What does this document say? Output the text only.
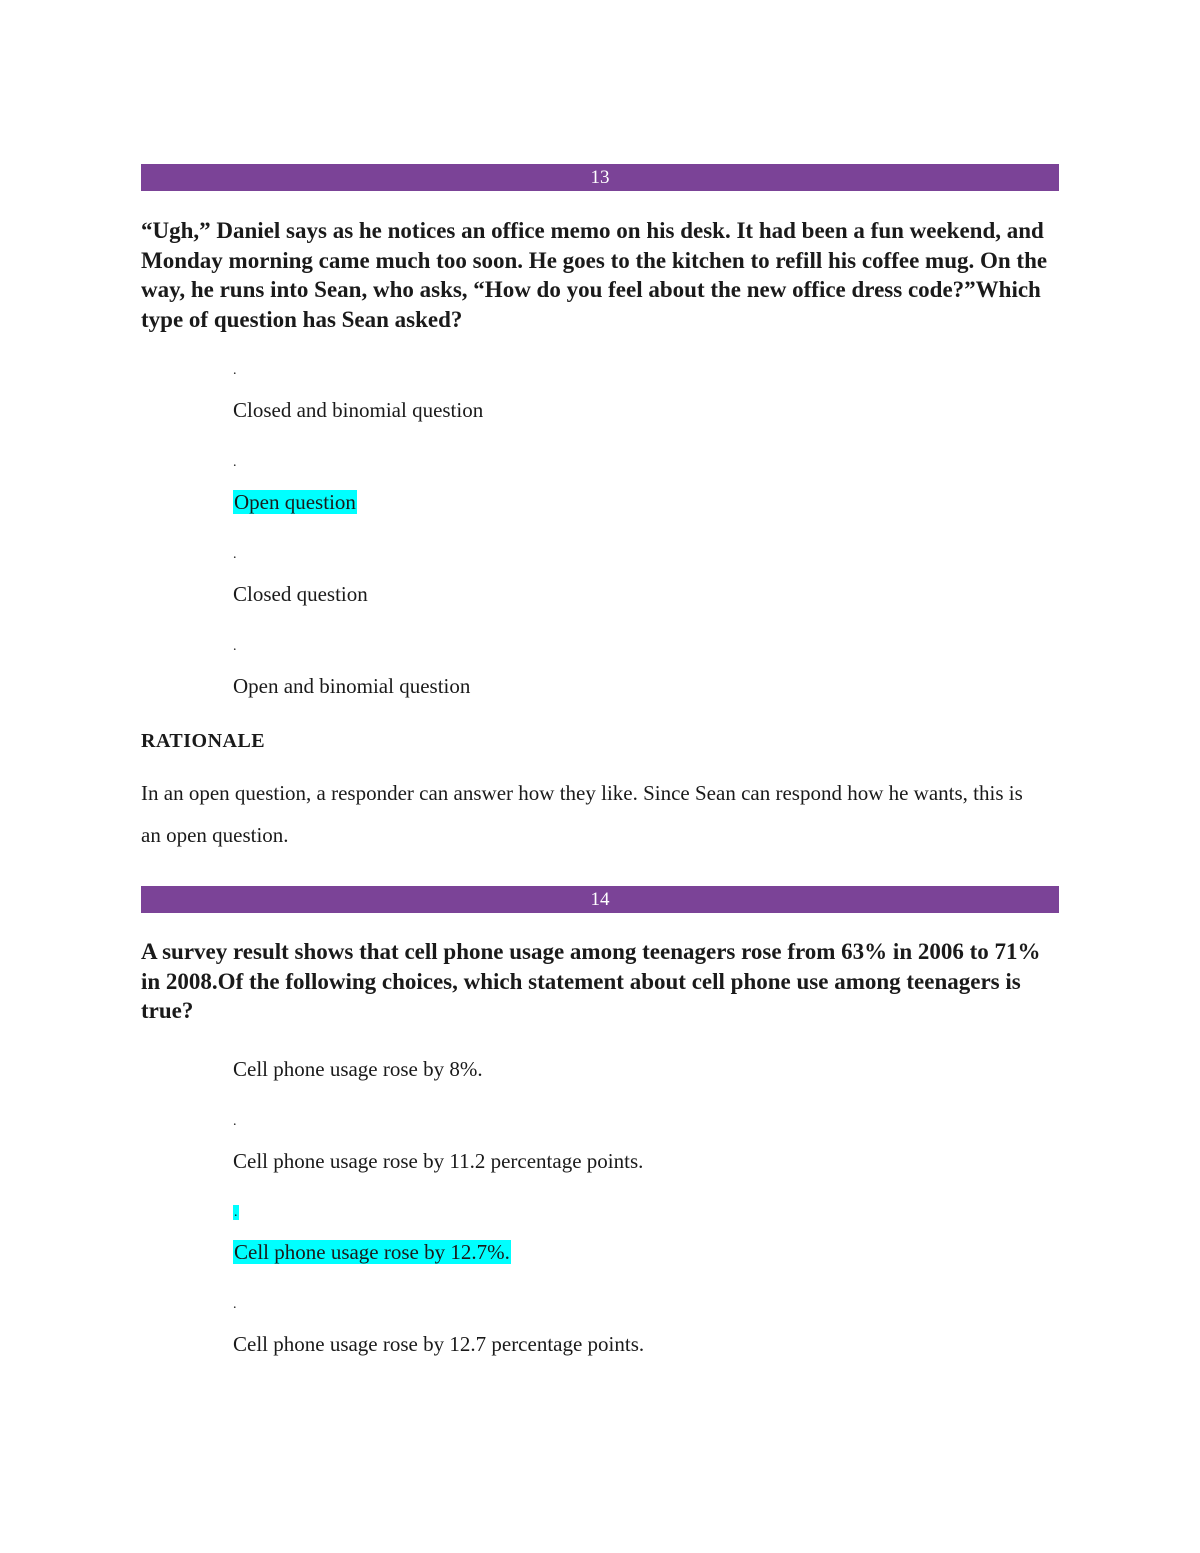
13
“Ugh,” Daniel says as he notices an office memo on his desk. It had been a fun weekend, and Monday morning came much too soon. He goes to the kitchen to refill his coffee mug. On the way, he runs into Sean, who asks, “How do you feel about the new office dress code?”Which type of question has Sean asked?
.
Closed and binomial question
.
Open question
.
Closed question
.
Open and binomial question
RATIONALE
In an open question, a responder can answer how they like. Since Sean can respond how he wants, this is an open question.
14
A survey result shows that cell phone usage among teenagers rose from 63% in 2006 to 71% in 2008.Of the following choices, which statement about cell phone use among teenagers is true?
Cell phone usage rose by 8%.
.
Cell phone usage rose by 11.2 percentage points.
.
Cell phone usage rose by 12.7%.
.
Cell phone usage rose by 12.7 percentage points.
